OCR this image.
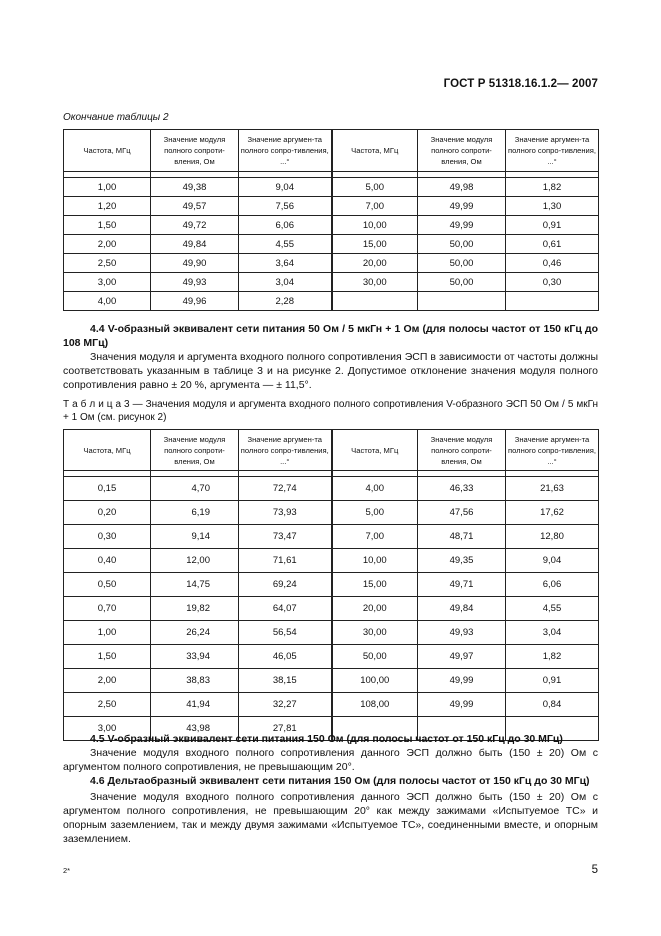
ГОСТ Р 51318.16.1.2— 2007
Окончание таблицы 2
Частота, МГц	Значение модуля полного сопроти-вления, Ом	Значение аргумен-та полного сопро-тивления, ...°	Частота, МГц	Значение модуля полного сопроти-вления, Ом	Значение аргумен-та полного сопро-тивления, ...°

1,00	49,38	9,04	5,00	49,98	1,82
1,20	49,57	7,56	7,00	49,99	1,30
1,50	49,72	6,06	10,00	49,99	0,91
2,00	49,84	4,55	15,00	50,00	0,61
2,50	49,90	3,64	20,00	50,00	0,46
3,00	49,93	3,04	30,00	50,00	0,30
4,00	49,96	2,28			
4.4 V-образный эквивалент сети питания 50 Ом / 5 мкГн + 1 Ом (для полосы частот от 150 кГц до 108 МГц)
Значения модуля и аргумента входного полного сопротивления ЭСП в зависимости от частоты должны соответствовать указанным в таблице 3 и на рисунке 2. Допустимое отклонение значения модуля полного сопротивления равно ± 20 %, аргумента — ± 11,5°.
Т а б л и ц а 3 — Значения модуля и аргумента входного полного сопротивления V-образного ЭСП 50 Ом / 5 мкГн + 1 Ом (см. рисунок 2)
Частота, МГц	Значение модуля полного сопроти-вления, Ом	Значение аргумен-та полного сопро-тивления, ...°	Частота, МГц	Значение модуля полного сопроти-вления, Ом	Значение аргумен-та полного сопро-тивления, ...°

0,15	4,70	72,74	4,00	46,33	21,63
0,20	6,19	73,93	5,00	47,56	17,62
0,30	9,14	73,47	7,00	48,71	12,80
0,40	12,00	71,61	10,00	49,35	9,04
0,50	14,75	69,24	15,00	49,71	6,06
0,70	19,82	64,07	20,00	49,84	4,55
1,00	26,24	56,54	30,00	49,93	3,04
1,50	33,94	46,05	50,00	49,97	1,82
2,00	38,83	38,15	100,00	49,99	0,91
2,50	41,94	32,27	108,00	49,99	0,84
3,00	43,98	27,81			
4.5 V-образный эквивалент сети питания 150 Ом (для полосы частот от 150 кГц до 30 МГц)
Значение модуля входного полного сопротивления данного ЭСП должно быть (150 ± 20) Ом с аргументом полного сопротивления, не превышающим 20°.
4.6 Дельтаобразный эквивалент сети питания 150 Ом (для полосы частот от 150 кГц до 30 МГц)
Значение модуля входного полного сопротивления данного ЭСП должно быть (150 ± 20) Ом с аргументом полного сопротивления, не превышающим 20° как между зажимами «Испытуемое ТС» и опорным заземлением, так и между двумя зажимами «Испытуемое ТС», соединенными вместе, и опорным заземлением.
2*	5
